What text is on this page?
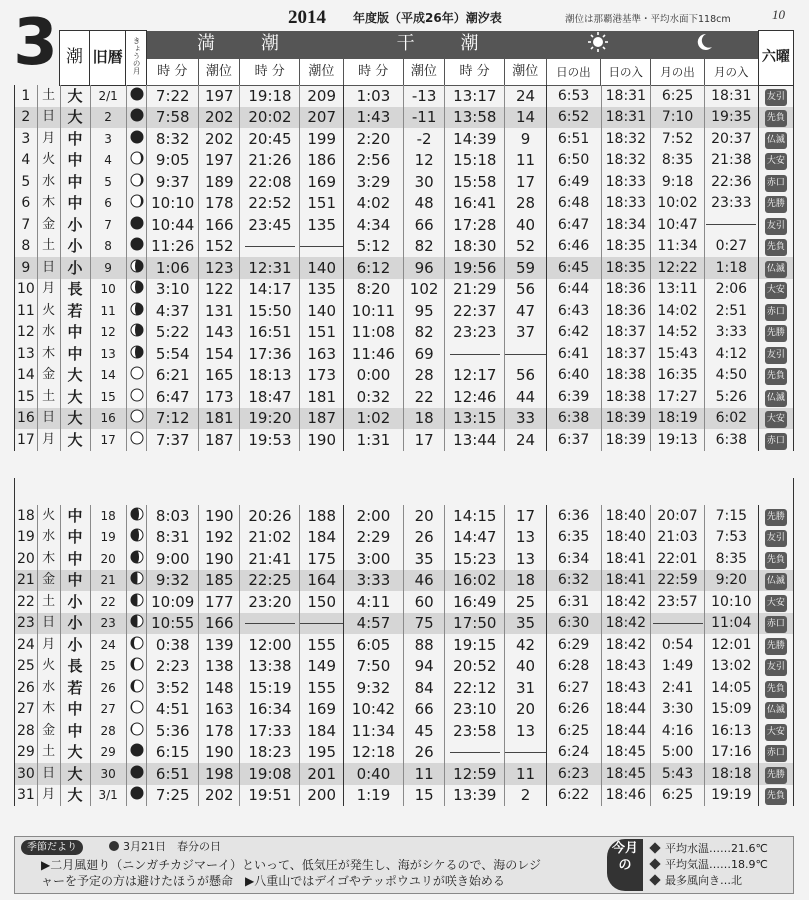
3	2014 年度版（平成26年）潮汐表	潮位は那覇港基準・平均水面下118cm	10
	潮	旧暦	きょうの月	満　潮				干　潮								六曜
				時 分	潮位	時 分	潮位	時 分	潮位	時 分	潮位	日の出	日の入	月の出	月の入	
1	土	大	2/1		7:22	197	19:18	209	1:03	-13	13:17	24	6:53	18:31	6:25	18:31	友引
2	日	大	2		7:58	202	20:02	207	1:43	-11	13:58	14	6:52	18:31	7:10	19:35	先負
3	月	中	3		8:32	202	20:45	199	2:20	-2	14:39	9	6:51	18:32	7:52	20:37	仏滅
4	火	中	4		9:05	197	21:26	186	2:56	12	15:18	11	6:50	18:32	8:35	21:38	大安
5	水	中	5		9:37	189	22:08	169	3:29	30	15:58	17	6:49	18:33	9:18	22:36	赤口
6	木	中	6		10:10	178	22:52	151	4:02	48	16:41	28	6:48	18:33	10:02	23:33	先勝
7	金	小	7		10:44	166	23:45	135	4:34	66	17:28	40	6:47	18:34	10:47		友引
8	土	小	8		11:26	152			5:12	82	18:30	52	6:46	18:35	11:34	0:27	先負
9	日	小	9		1:06	123	12:31	140	6:12	96	19:56	59	6:45	18:35	12:22	1:18	仏滅
10	月	長	10		3:10	122	14:17	135	8:20	102	21:29	56	6:44	18:36	13:11	2:06	大安
11	火	若	11		4:37	131	15:50	140	10:11	95	22:37	47	6:43	18:36	14:02	2:51	赤口
12	水	中	12		5:22	143	16:51	151	11:08	82	23:23	37	6:42	18:37	14:52	3:33	先勝
13	木	中	13		5:54	154	17:36	163	11:46	69			6:41	18:37	15:43	4:12	友引
14	金	大	14		6:21	165	18:13	173	0:00	28	12:17	56	6:40	18:38	16:35	4:50	先負
15	土	大	15		6:47	173	18:47	181	0:32	22	12:46	44	6:39	18:38	17:27	5:26	仏滅
16	日	大	16		7:12	181	19:20	187	1:02	18	13:15	33	6:38	18:39	18:19	6:02	大安
17	月	大	17		7:37	187	19:53	190	1:31	17	13:44	24	6:37	18:39	19:13	6:38	赤口
18	火	中	18		8:03	190	20:26	188	2:00	20	14:15	17	6:36	18:40	20:07	7:15	先勝
19	水	中	19		8:31	192	21:02	184	2:29	26	14:47	13	6:35	18:40	21:03	7:53	友引
20	木	中	20		9:00	190	21:41	175	3:00	35	15:23	13	6:34	18:41	22:01	8:35	先負
21	金	中	21		9:32	185	22:25	164	3:33	46	16:02	18	6:32	18:41	22:59	9:20	仏滅
22	土	小	22		10:09	177	23:20	150	4:11	60	16:49	25	6:31	18:42	23:57	10:10	大安
23	日	小	23		10:55	166			4:57	75	17:50	35	6:30	18:42		11:04	赤口
24	月	小	24		0:38	139	12:00	155	6:05	88	19:15	42	6:29	18:42	0:54	12:01	先勝
25	火	長	25		2:23	138	13:38	149	7:50	94	20:52	40	6:28	18:43	1:49	13:02	友引
26	水	若	26		3:52	148	15:19	155	9:32	84	22:12	31	6:27	18:43	2:41	14:05	先負
27	木	中	27		4:51	163	16:34	169	10:42	66	23:10	20	6:26	18:44	3:30	15:09	仏滅
28	金	中	28		5:36	178	17:33	184	11:34	45	23:58	13	6:25	18:44	4:16	16:13	大安
29	土	大	29		6:15	190	18:23	195	12:18	26			6:24	18:45	5:00	17:16	赤口
30	日	大	30		6:51	198	19:08	201	0:40	11	12:59	11	6:23	18:45	5:43	18:18	先勝
31	月	大	3/1		7:25	202	19:51	200	1:19	15	13:39	2	6:22	18:46	6:25	19:19	先負
季節だより	3月21日　春分の日
▶二月風廻り（ニンガチカジマーイ）といって、低気圧が発生し、海がシケるので、海のレジ
ャーを予定の方は避けたほうが懸命　▶八重山ではデイゴやテッポウユリが咲き始める
今月の
平均水温……21.6℃
平均気温……18.9℃
最多風向き…北
